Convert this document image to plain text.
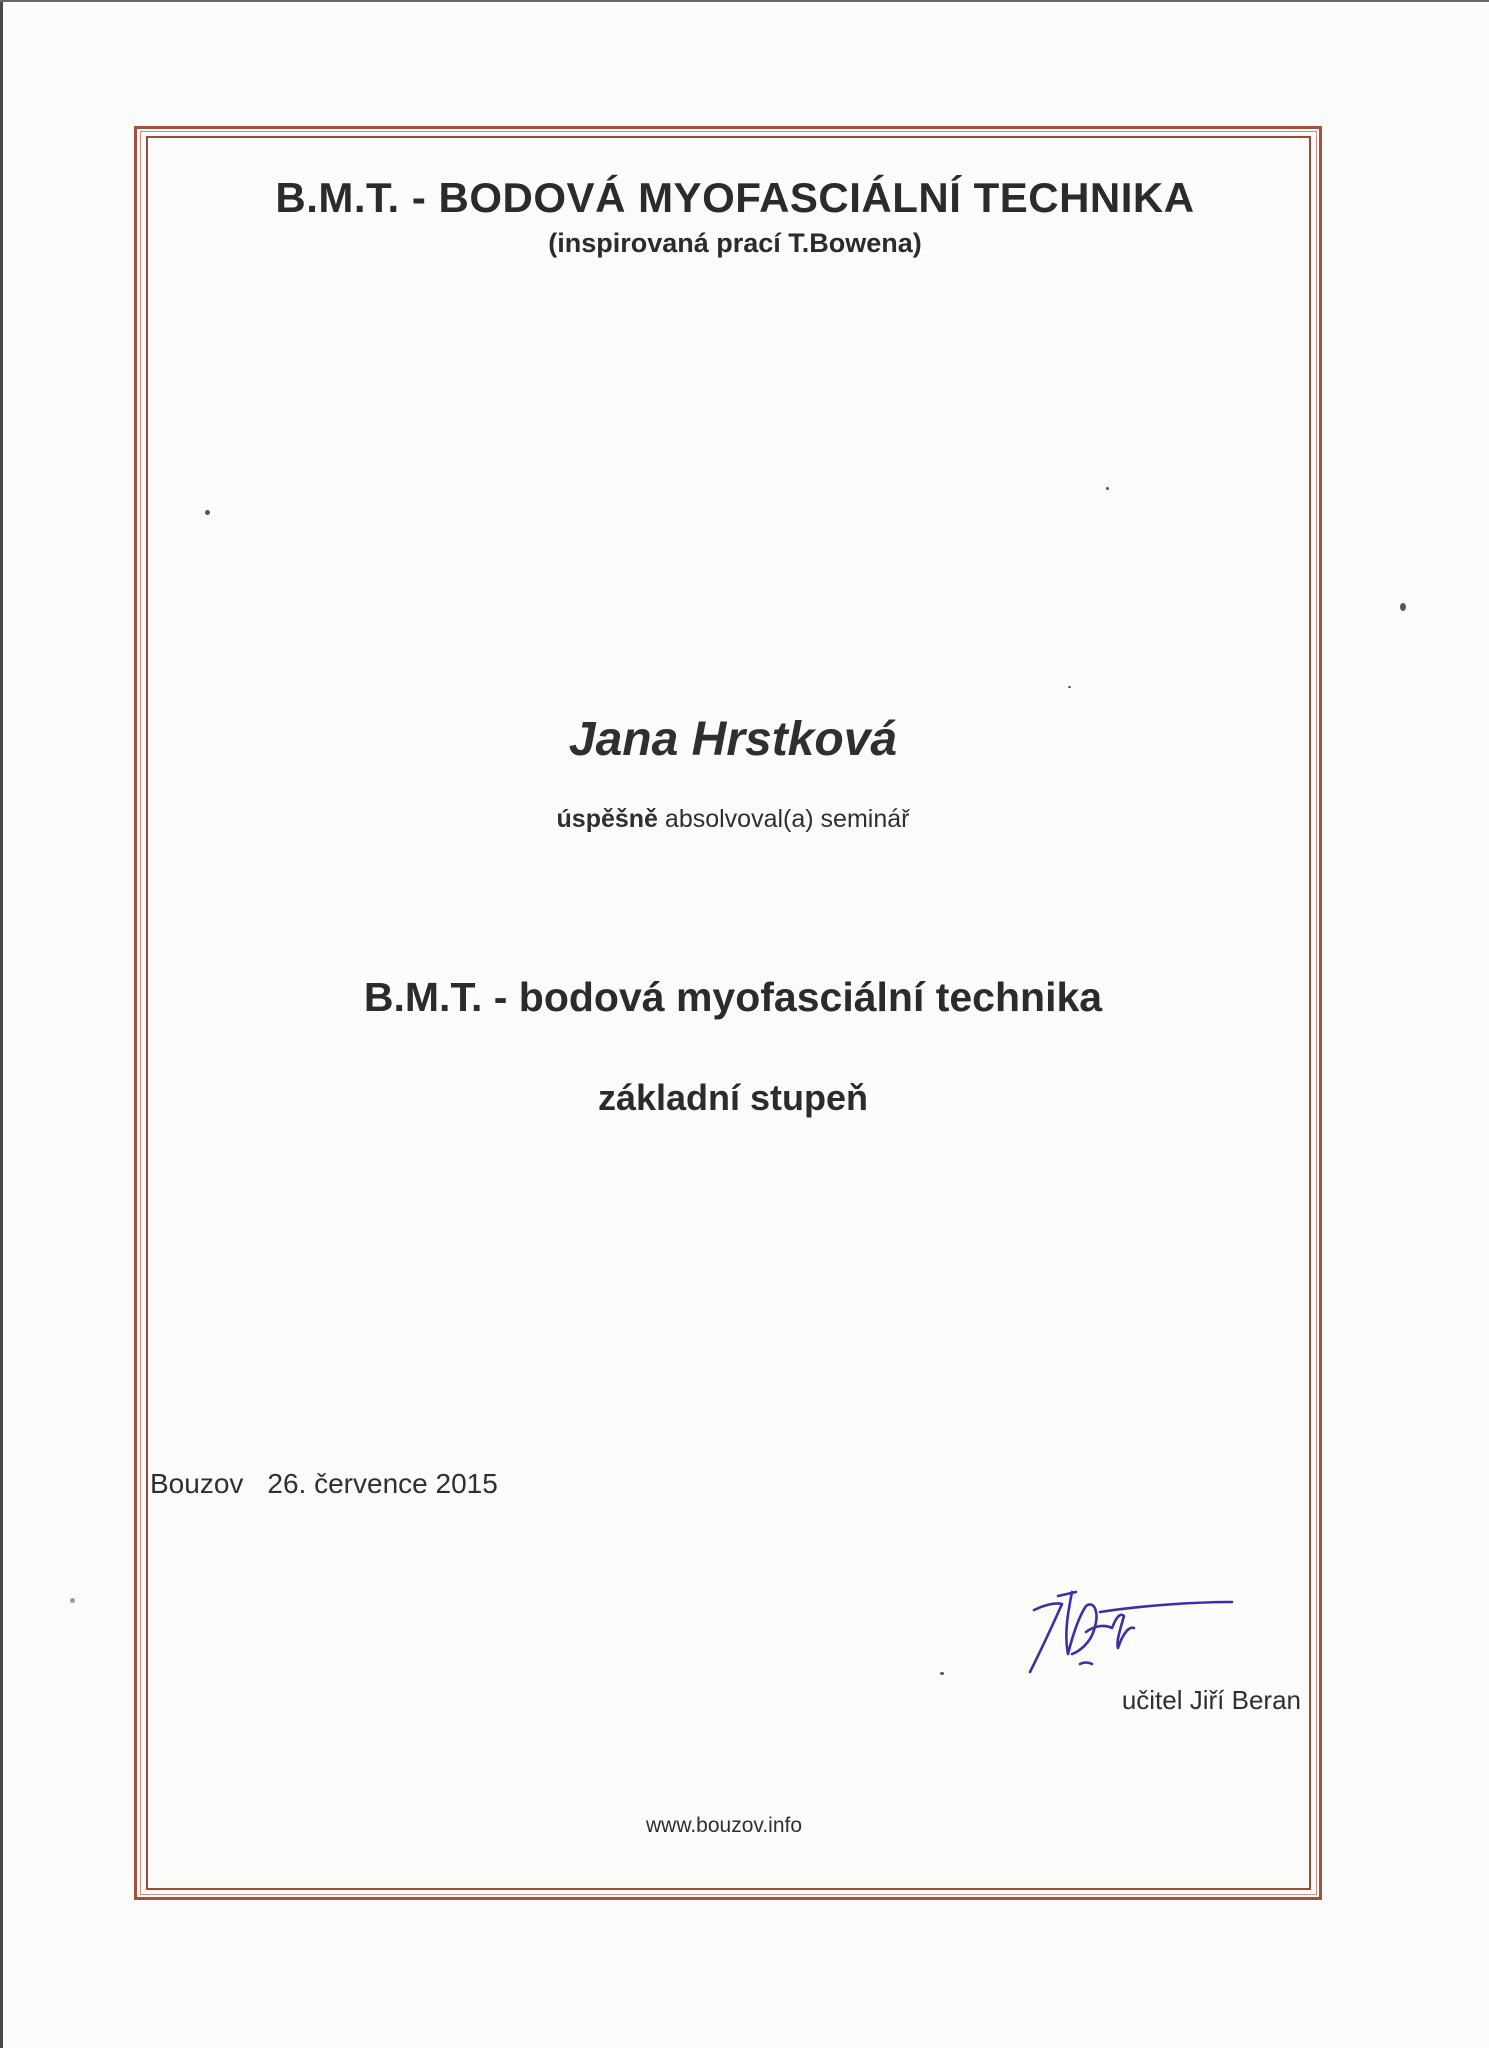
B.M.T. - BODOVÁ MYOFASCIÁLNÍ TECHNIKA
(inspirovaná prací T.Bowena)
Jana Hrstková
úspěšně absolvoval(a) seminář
B.M.T. - bodová myofasciální technika
základní stupeň
Bouzov 26. července 2015
učitel Jiří Beran
www.bouzov.info
